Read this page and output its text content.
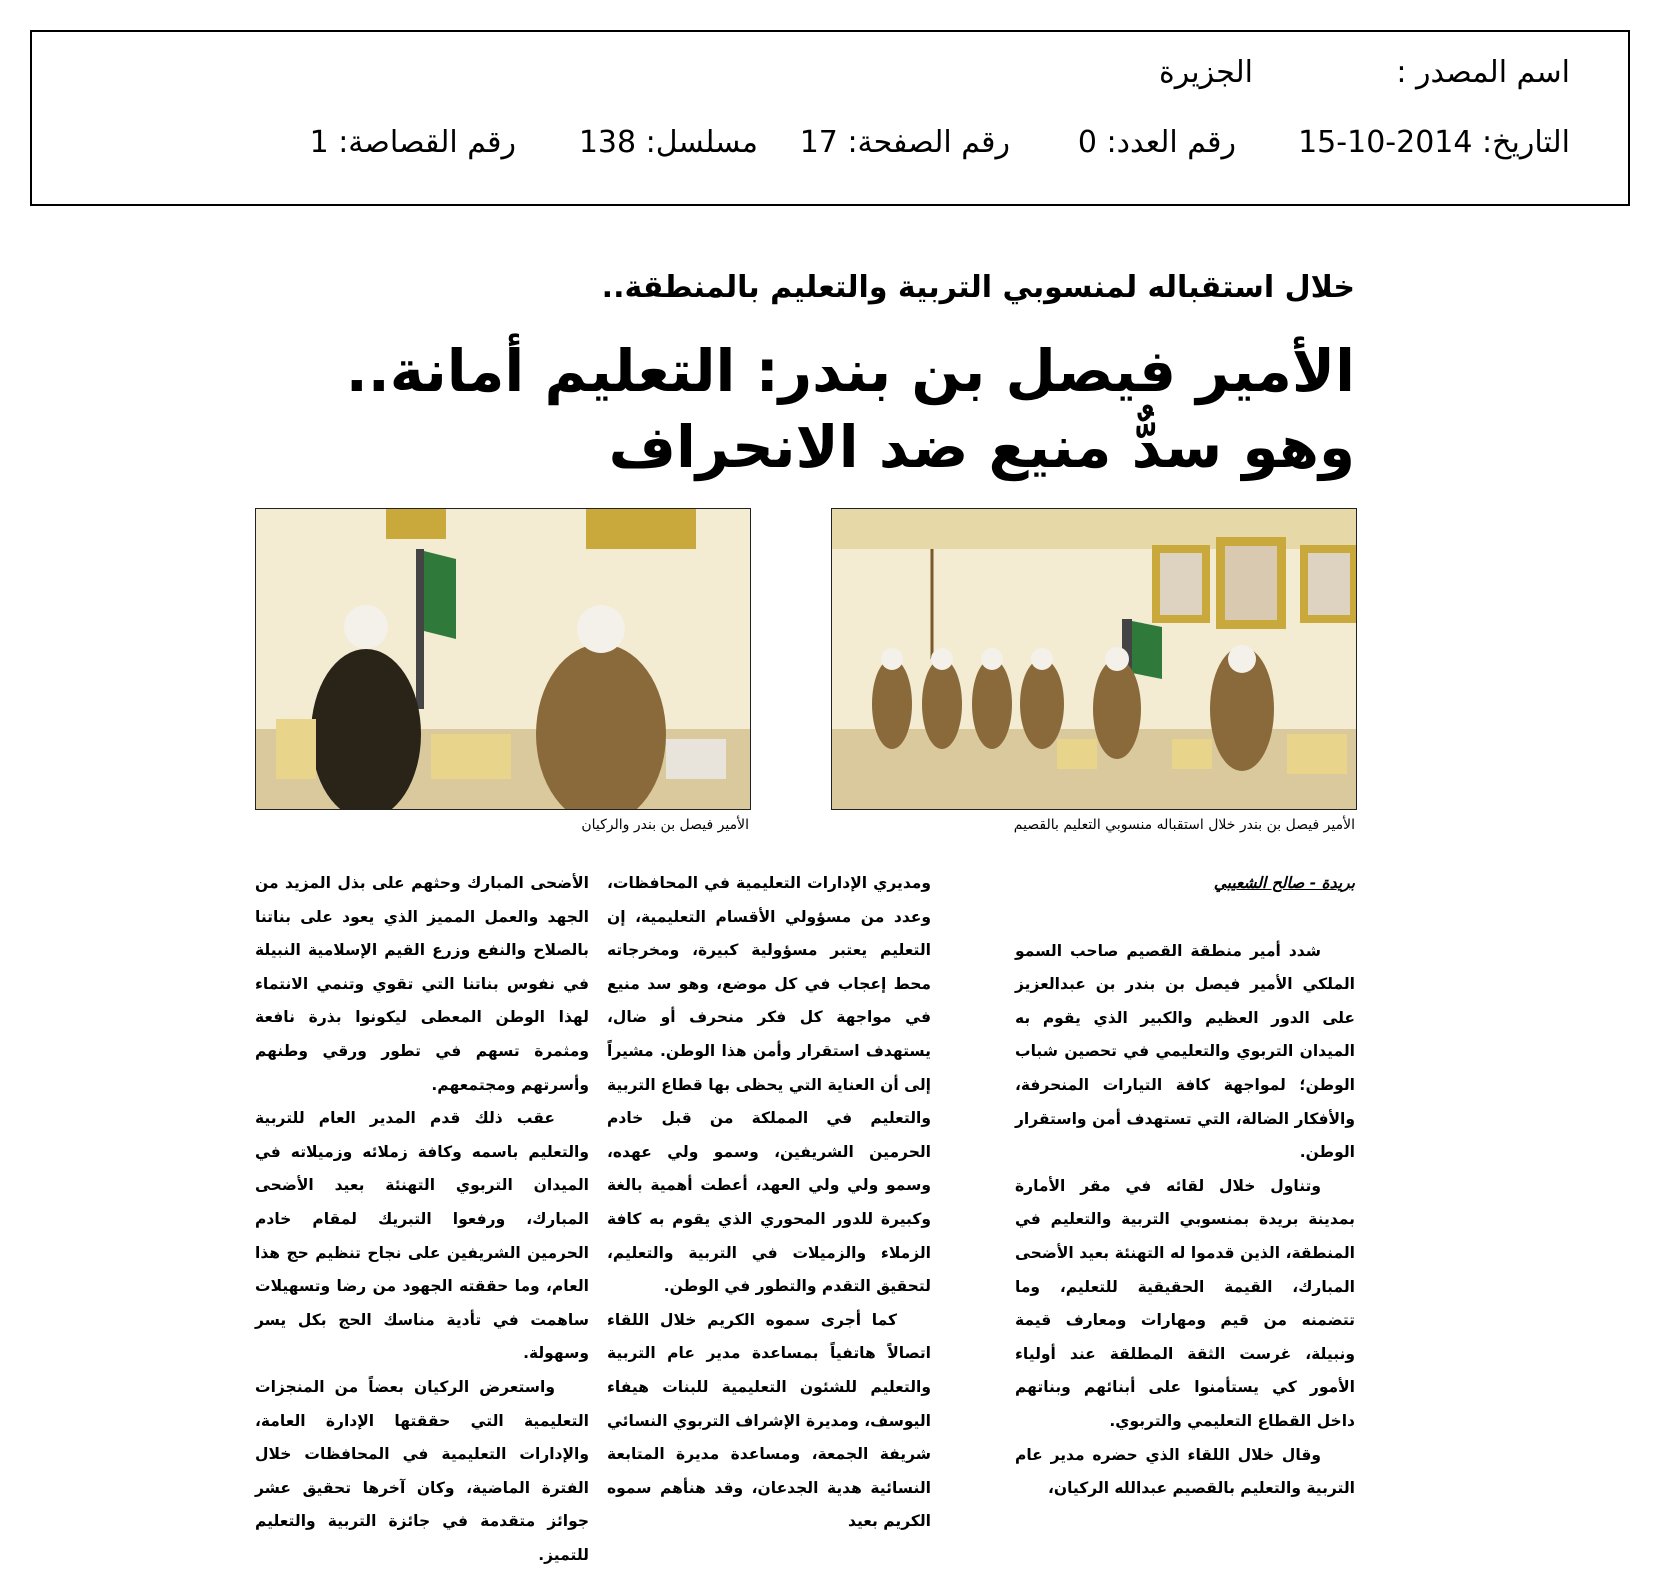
اسم المصدر :
الجزيرة
التاريخ: 2014-10-15
رقم العدد: 0
رقم الصفحة: 17
مسلسل: 138
رقم القصاصة: 1
خلال استقباله لمنسوبي التربية والتعليم بالمنطقة..
الأمير فيصل بن بندر: التعليم أمانة..
وهو سدٌّ منيع ضد الانحراف
الأمير فيصل بن بندر خلال استقباله منسوبي التعليم بالقصيم
الأمير فيصل بن بندر والركيان

بريدة - صالح الشعيبي

شدد أمير منطقة القصيم صاحب السمو الملكي الأمير فيصل بن بندر بن عبدالعزيز على الدور العظيم والكبير الذي يقوم به الميدان التربوي والتعليمي في تحصين شباب الوطن؛ لمواجهة كافة التيارات المنحرفة، والأفكار الضالة، التي تستهدف أمن واستقرار الوطن.

وتناول خلال لقائه في مقر الأمارة بمدينة بريدة بمنسوبي التربية والتعليم في المنطقة، الذين قدموا له التهنئة بعيد الأضحى المبارك، القيمة الحقيقية للتعليم، وما تتضمنه من قيم ومهارات ومعارف قيمة ونبيلة، غرست الثقة المطلقة عند أولياء الأمور كي يستأمنوا على أبنائهم وبناتهم داخل القطاع التعليمي والتربوي.

وقال خلال اللقاء الذي حضره مدير عام التربية والتعليم بالقصيم عبدالله الركيان،

ومديري الإدارات التعليمية في المحافظات، وعدد من مسؤولي الأقسام التعليمية، إن التعليم يعتبر مسؤولية كبيرة، ومخرجاته محط إعجاب في كل موضع، وهو سد منيع في مواجهة كل فكر منحرف أو ضال، يستهدف استقرار وأمن هذا الوطن. مشيراً إلى أن العناية التي يحظى بها قطاع التربية والتعليم في المملكة من قبل خادم الحرمين الشريفين، وسمو ولي عهده، وسمو ولي ولي العهد، أعطت أهمية بالغة وكبيرة للدور المحوري الذي يقوم به كافة الزملاء والزميلات في التربية والتعليم، لتحقيق التقدم والتطور في الوطن.

كما أجرى سموه الكريم خلال اللقاء اتصالاً هاتفياً بمساعدة مدير عام التربية والتعليم للشئون التعليمية للبنات هيفاء اليوسف، ومديرة الإشراف التربوي النسائي شريفة الجمعة، ومساعدة مديرة المتابعة النسائية هدية الجدعان، وقد هنأهم سموه الكريم بعيد

الأضحى المبارك وحثهم على بذل المزيد من الجهد والعمل المميز الذي يعود على بناتنا بالصلاح والنفع وزرع القيم الإسلامية النبيلة في نفوس بناتنا التي تقوي وتنمي الانتماء لهذا الوطن المعطى ليكونوا بذرة نافعة ومثمرة تسهم في تطور ورقي وطنهم وأسرتهم ومجتمعهم.

عقب ذلك قدم المدير العام للتربية والتعليم باسمه وكافة زملائه وزميلاته في الميدان التربوي التهنئة بعيد الأضحى المبارك، ورفعوا التبريك لمقام خادم الحرمين الشريفين على نجاح تنظيم حج هذا العام، وما حققته الجهود من رضا وتسهيلات ساهمت في تأدية مناسك الحج بكل يسر وسهولة.

واستعرض الركيان بعضاً من المنجزات التعليمية التي حققتها الإدارة العامة، والإدارات التعليمية في المحافظات خلال الفترة الماضية، وكان آخرها تحقيق عشر جوائز متقدمة في جائزة التربية والتعليم للتميز.
